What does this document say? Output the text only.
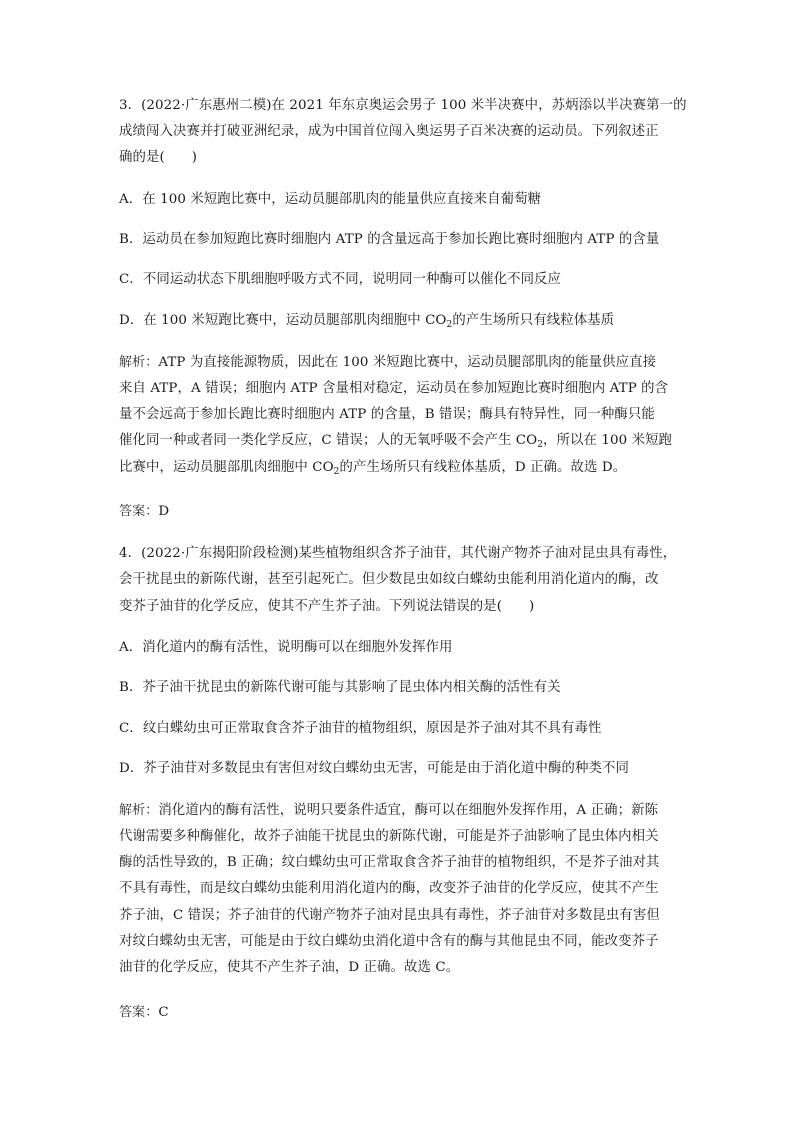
3．(2022·广东惠州二模)在 2021 年东京奥运会男子 100 米半决赛中，苏炳添以半决赛第一的
成绩闯入决赛并打破亚洲纪录，成为中国首位闯入奥运男子百米决赛的运动员。下列叙述正
确的是(　　)
A．在 100 米短跑比赛中，运动员腿部肌肉的能量供应直接来自葡萄糖
B．运动员在参加短跑比赛时细胞内 ATP 的含量远高于参加长跑比赛时细胞内 ATP 的含量
C．不同运动状态下肌细胞呼吸方式不同，说明同一种酶可以催化不同反应
D．在 100 米短跑比赛中，运动员腿部肌肉细胞中 $CO_2$的产生场所只有线粒体基质
解析：ATP 为直接能源物质，因此在 100 米短跑比赛中，运动员腿部肌肉的能量供应直接
来自 ATP，A 错误；细胞内 ATP 含量相对稳定，运动员在参加短跑比赛时细胞内 ATP 的含
量不会远高于参加长跑比赛时细胞内 ATP 的含量，B 错误；酶具有特异性，同一种酶只能
催化同一种或者同一类化学反应，C 错误；人的无氧呼吸不会产生 $CO_2$，所以在 100 米短跑
比赛中，运动员腿部肌肉细胞中 $CO_2$的产生场所只有线粒体基质，D 正确。故选 D。
答案：D
4．(2022·广东揭阳阶段检测)某些植物组织含芥子油苷，其代谢产物芥子油对昆虫具有毒性，
会干扰昆虫的新陈代谢，甚至引起死亡。但少数昆虫如纹白蝶幼虫能利用消化道内的酶，改
变芥子油苷的化学反应，使其不产生芥子油。下列说法错误的是(　　)
A．消化道内的酶有活性，说明酶可以在细胞外发挥作用
B．芥子油干扰昆虫的新陈代谢可能与其影响了昆虫体内相关酶的活性有关
C．纹白蝶幼虫可正常取食含芥子油苷的植物组织，原因是芥子油对其不具有毒性
D．芥子油苷对多数昆虫有害但对纹白蝶幼虫无害，可能是由于消化道中酶的种类不同
解析：消化道内的酶有活性，说明只要条件适宜，酶可以在细胞外发挥作用，A 正确；新陈
代谢需要多种酶催化，故芥子油能干扰昆虫的新陈代谢，可能是芥子油影响了昆虫体内相关
酶的活性导致的，B 正确；纹白蝶幼虫可正常取食含芥子油苷的植物组织，不是芥子油对其
不具有毒性，而是纹白蝶幼虫能利用消化道内的酶，改变芥子油苷的化学反应，使其不产生
芥子油，C 错误；芥子油苷的代谢产物芥子油对昆虫具有毒性，芥子油苷对多数昆虫有害但
对纹白蝶幼虫无害，可能是由于纹白蝶幼虫消化道中含有的酶与其他昆虫不同，能改变芥子
油苷的化学反应，使其不产生芥子油，D 正确。故选 C。
答案：C
